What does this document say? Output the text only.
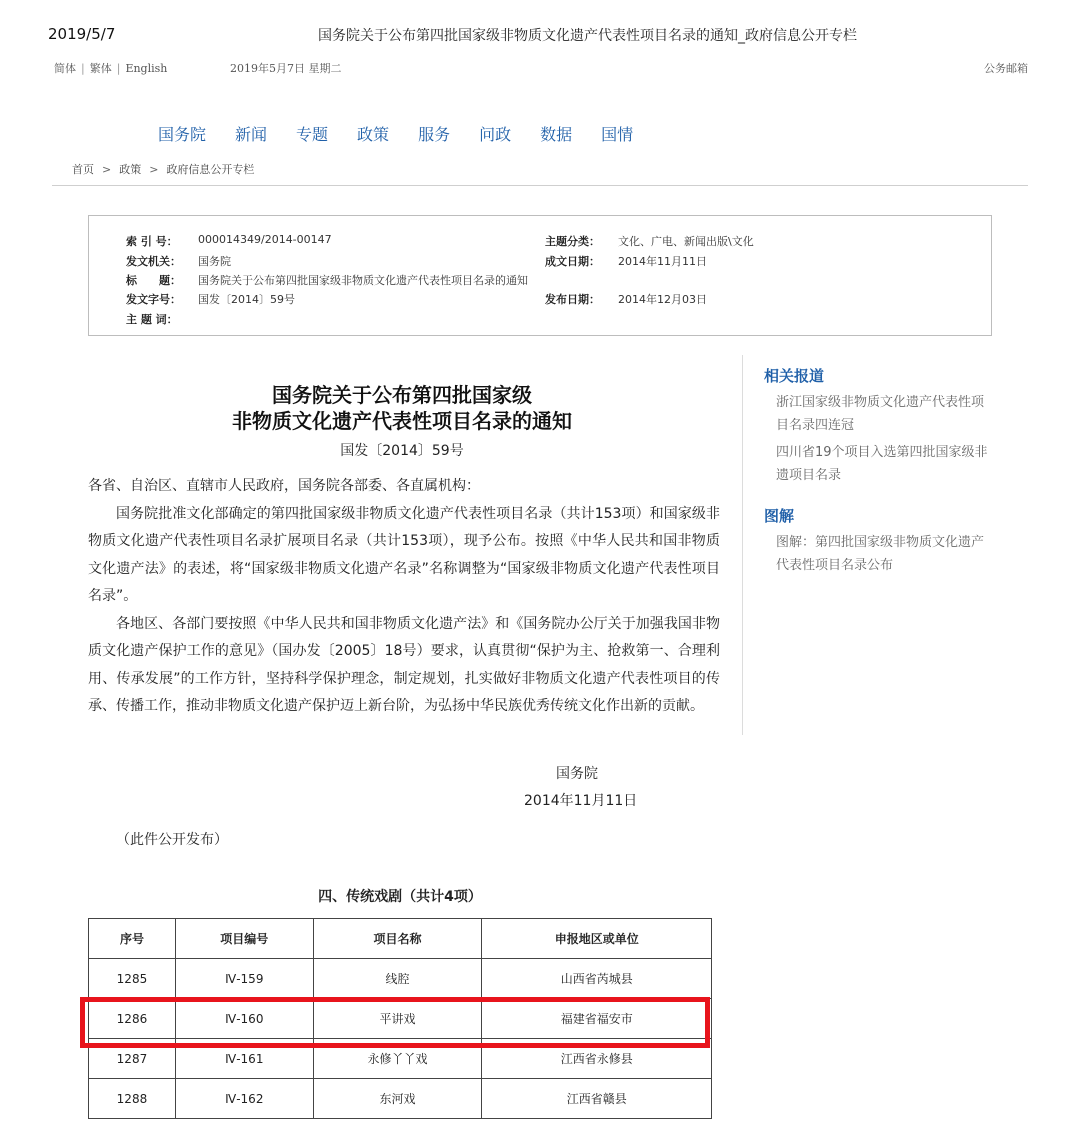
2019/5/7	国务院关于公布第四批国家级非物质文化遗产代表性项目名录的通知_政府信息公开专栏
简体 | 繁体 | English	2019年5月7日 星期二	公务邮箱
国务院 新闻 专题 政策 服务 问政 数据 国情
首页 > 政策 > 政府信息公开专栏
索 引 号： 000014349/2014-00147	主题分类： 文化、广电、新闻出版\文化
发文机关： 国务院	成文日期： 2014年11月11日
标　　题： 国务院关于公布第四批国家级非物质文化遗产代表性项目名录的通知
发文字号： 国发〔2014〕59号	发布日期： 2014年12月03日
主 题 词：
国务院关于公布第四批国家级
非物质文化遗产代表性项目名录的通知
国发〔2014〕59号

各省、自治区、直辖市人民政府，国务院各部委、各直属机构：

国务院批准文化部确定的第四批国家级非物质文化遗产代表性项目名录（共计153项）和国家级非物质文化遗产代表性项目名录扩展项目名录（共计153项），现予公布。按照《中华人民共和国非物质文化遗产法》的表述，将“国家级非物质文化遗产名录”名称调整为“国家级非物质文化遗产代表性项目名录”。

各地区、各部门要按照《中华人民共和国非物质文化遗产法》和《国务院办公厅关于加强我国非物质文化遗产保护工作的意见》（国办发〔2005〕18号）要求，认真贯彻“保护为主、抢救第一、合理利用、传承发展”的工作方针，坚持科学保护理念，制定规划，扎实做好非物质文化遗产代表性项目的传承、传播工作，推动非物质文化遗产保护迈上新台阶，为弘扬中华民族优秀传统文化作出新的贡献。

国务院
2014年11月11日
（此件公开发布）
四、传统戏剧（共计4项）
序号	项目编号	项目名称	申报地区或单位
1285	Ⅳ-159	线腔	山西省芮城县
1286	Ⅳ-160	平讲戏	福建省福安市
1287	Ⅳ-161	永修丫丫戏	江西省永修县
1288	Ⅳ-162	东河戏	江西省赣县
相关报道
浙江国家级非物质文化遗产代表性项目名录四连冠
四川省19个项目入选第四批国家级非遗项目名录
图解
图解：第四批国家级非物质文化遗产代表性项目名录公布
